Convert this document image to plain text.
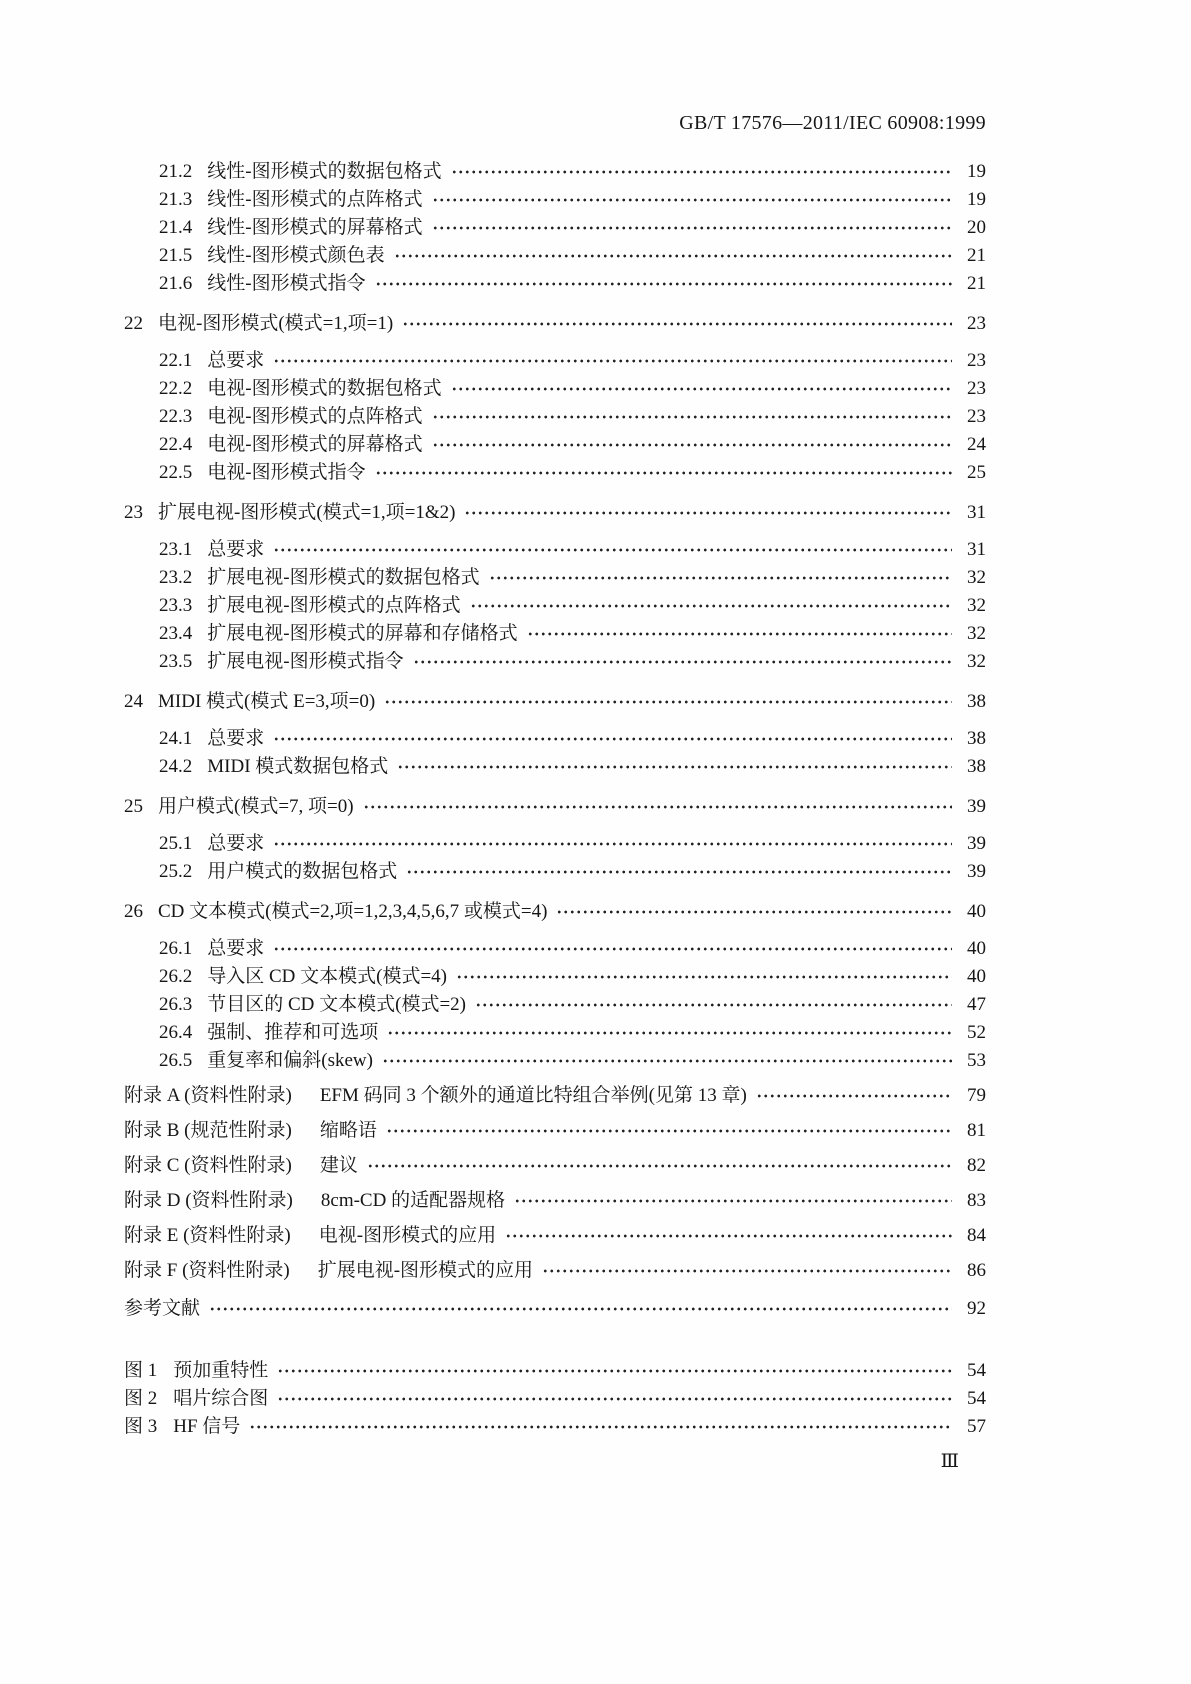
GB/T 17576—2011/IEC 60908:1999
21.2 线性-图形模式的数据包格式	19
21.3 线性-图形模式的点阵格式	19
21.4 线性-图形模式的屏幕格式	20
21.5 线性-图形模式颜色表	21
21.6 线性-图形模式指令	21
22 电视-图形模式(模式=1,项=1)	23
22.1 总要求	23
22.2 电视-图形模式的数据包格式	23
22.3 电视-图形模式的点阵格式	23
22.4 电视-图形模式的屏幕格式	24
22.5 电视-图形模式指令	25
23 扩展电视-图形模式(模式=1,项=1&2)	31
23.1 总要求	31
23.2 扩展电视-图形模式的数据包格式	32
23.3 扩展电视-图形模式的点阵格式	32
23.4 扩展电视-图形模式的屏幕和存储格式	32
23.5 扩展电视-图形模式指令	32
24 MIDI 模式(模式 E=3,项=0)	38
24.1 总要求	38
24.2 MIDI 模式数据包格式	38
25 用户模式(模式=7, 项=0)	39
25.1 总要求	39
25.2 用户模式的数据包格式	39
26 CD 文本模式(模式=2,项=1,2,3,4,5,6,7 或模式=4)	40
26.1 总要求	40
26.2 导入区 CD 文本模式(模式=4)	40
26.3 节目区的 CD 文本模式(模式=2)	47
26.4 强制、推荐和可选项	52
26.5 重复率和偏斜(skew)	53
附录 A (资料性附录) EFM 码同 3 个额外的通道比特组合举例(见第 13 章)	79
附录 B (规范性附录) 缩略语	81
附录 C (资料性附录) 建议	82
附录 D (资料性附录) 8cm-CD 的适配器规格	83
附录 E (资料性附录) 电视-图形模式的应用	84
附录 F (资料性附录) 扩展电视-图形模式的应用	86
参考文献	92
图 1 预加重特性	54
图 2 唱片综合图	54
图 3 HF 信号	57
Ⅲ
